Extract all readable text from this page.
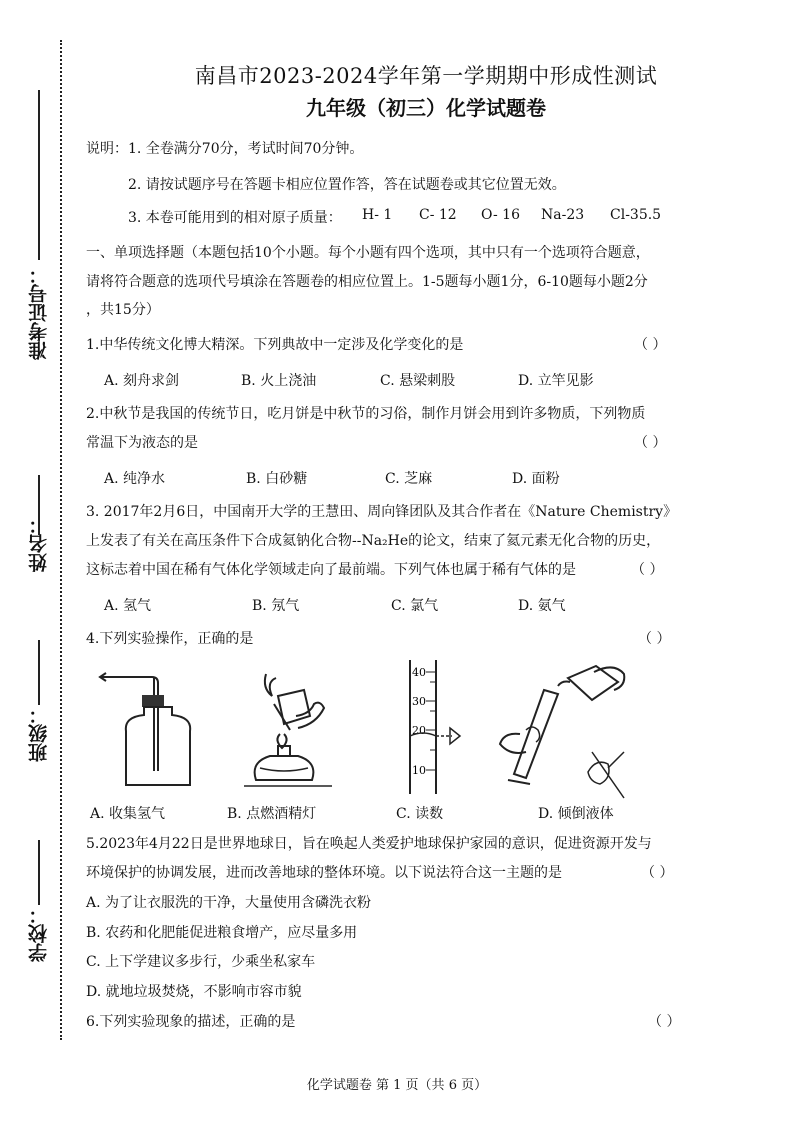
准考证号：
姓名：
班级：
学校：
南昌市2023-2024学年第一学期期中形成性测试
九年级（初三）化学试题卷
说明：1. 全卷满分70分，考试时间70分钟。
2. 请按试题序号在答题卡相应位置作答，答在试题卷或其它位置无效。
3. 本卷可能用到的相对原子质量： H- 1 C- 12 O- 16 Na-23 Cl-35.5
一、单项选择题（本题包括10个小题。每个小题有四个选项，其中只有一个选项符合题意，
请将符合题意的选项代号填涂在答题卷的相应位置上。1-5题每小题1分，6-10题每小题2分
，共15分）
1.中华传统文化博大精深。下列典故中一定涉及化学变化的是	（ ）
A. 刻舟求剑	B. 火上浇油	C. 悬梁刺股	D. 立竿见影
2.中秋节是我国的传统节日，吃月饼是中秋节的习俗，制作月饼会用到许多物质，下列物质
常温下为液态的是	（ ）
A. 纯净水	B. 白砂糖	C. 芝麻	D. 面粉
3. 2017年2月6日，中国南开大学的王慧田、周向锋团队及其合作者在《Nature Chemistry》
上发表了有关在高压条件下合成氦钠化合物--Na₂He的论文，结束了氦元素无化合物的历史，
这标志着中国在稀有气体化学领域走向了最前端。下列气体也属于稀有气体的是	（ ）
A. 氢气	B. 氖气	C. 氯气	D. 氨气
4.下列实验操作，正确的是	（ ）
40
30
20
10
A. 收集氢气	B. 点燃酒精灯	C. 读数	D. 倾倒液体
5.2023年4月22日是世界地球日，旨在唤起人类爱护地球保护家园的意识，促进资源开发与
环境保护的协调发展，进而改善地球的整体环境。以下说法符合这一主题的是	（ ）
A. 为了让衣服洗的干净，大量使用含磷洗衣粉
B. 农药和化肥能促进粮食增产，应尽量多用
C. 上下学建议多步行，少乘坐私家车
D. 就地垃圾焚烧，不影响市容市貌
6.下列实验现象的描述，正确的是	（ ）
化学试题卷 第 1 页（共 6 页）
